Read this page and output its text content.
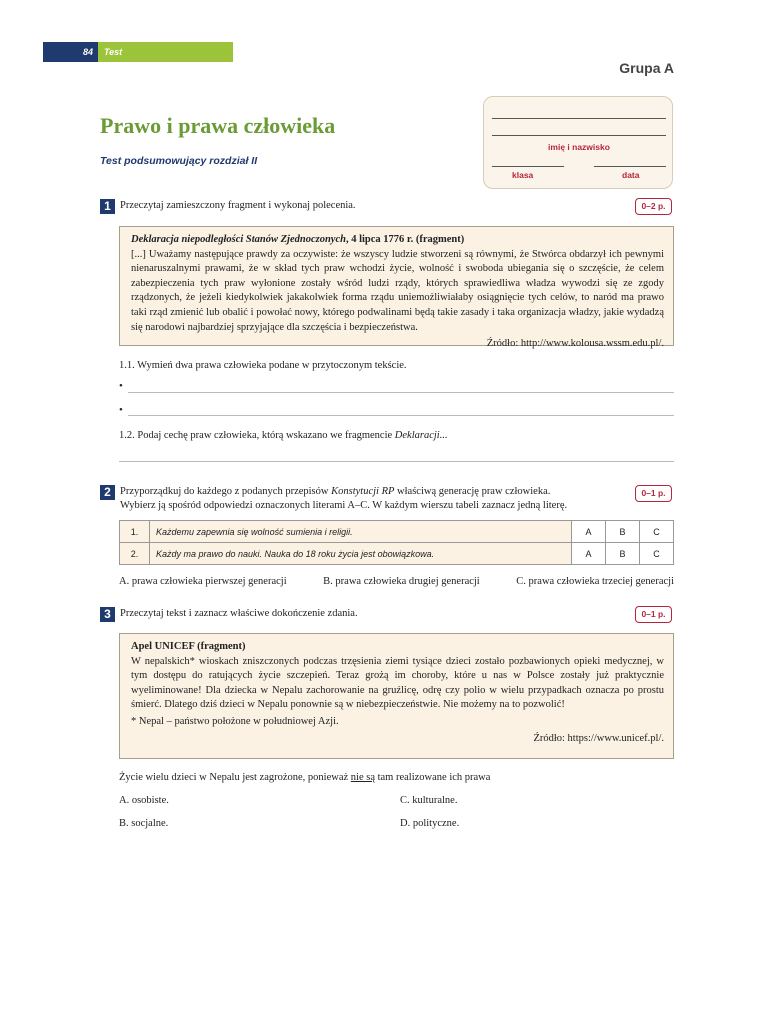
84	Test
Grupa A
Prawo i prawa człowieka
Test podsumowujący rozdział II
imię i nazwisko
klasa	data
1 Przeczytaj zamieszczony fragment i wykonaj polecenia.	0–2 p.
Deklaracja niepodległości Stanów Zjednoczonych, 4 lipca 1776 r. (fragment)
[...] Uważamy następujące prawdy za oczywiste: że wszyscy ludzie stworzeni są równymi, że Stwórca obdarzył ich pewnymi nienaruszalnymi prawami, że w skład tych praw wchodzi życie, wolność i swoboda ubiegania się o szczęście, że celem zabezpieczenia tych praw wyłonione zostały wśród ludzi rządy, których sprawiedliwa władza wywodzi się ze zgody rządzonych, że jeżeli kiedykolwiek jakakolwiek forma rządu uniemożliwiałaby osiągnięcie tych celów, to naród ma prawo taki rząd zmienić lub obalić i powołać nowy, którego podwalinami będą takie zasady i taka organizacja władzy, jakie wydadzą się narodowi najbardziej sprzyjające dla szczęścia i bezpieczeństwa.
Źródło: http://www.kolousa.wssm.edu.pl/.
1.1. Wymień dwa prawa człowieka podane w przytoczonym tekście.
•
•
1.2. Podaj cechę praw człowieka, którą wskazano we fragmencie Deklaracji...
2 Przyporządkuj do każdego z podanych przepisów Konstytucji RP właściwą generację praw człowieka.
Wybierz ją spośród odpowiedzi oznaczonych literami A–C. W każdym wierszu tabeli zaznacz jedną literę.
0–1 p.
1.	Każdemu zapewnia się wolność sumienia i religii.	A	B	C
2.	Każdy ma prawo do nauki. Nauka do 18 roku życia jest obowiązkowa.	A	B	C
A. prawa człowieka pierwszej generacji	B. prawa człowieka drugiej generacji	C. prawa człowieka trzeciej generacji
3 Przeczytaj tekst i zaznacz właściwe dokończenie zdania.	0–1 p.
Apel UNICEF (fragment)
W nepalskich* wioskach zniszczonych podczas trzęsienia ziemi tysiące dzieci zostało pozbawionych opieki medycznej, w tym dostępu do ratujących życie szczepień. Teraz grożą im choroby, które u nas w Polsce zostały już praktycznie wyeliminowane! Dla dziecka w Nepalu zachorowanie na gruźlicę, odrę czy polio w wielu przypadkach oznacza po prostu śmierć. Dlatego dziś dzieci w Nepalu ponownie są w niebezpieczeństwie. Nie możemy na to pozwolić!
* Nepal – państwo położone w południowej Azji.
Źródło: https://www.unicef.pl/.
Życie wielu dzieci w Nepalu jest zagrożone, ponieważ nie są tam realizowane ich prawa
A. osobiste.	C. kulturalne.
B. socjalne.	D. polityczne.
